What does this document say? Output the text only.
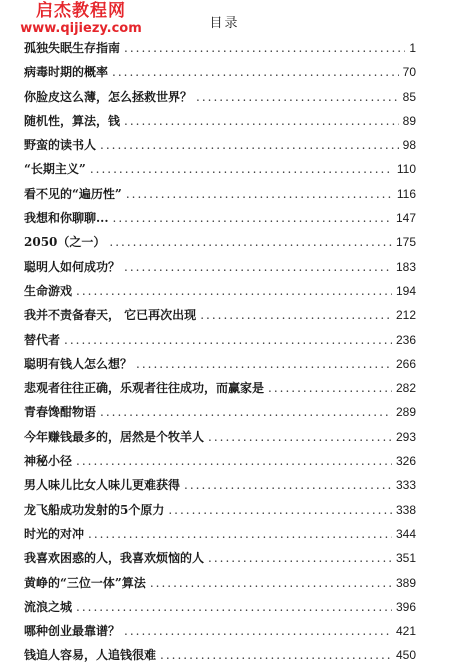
启杰教程网
www.qijiezy.com	目录
孤独失眠生存指南 .....	1
病毒时期的概率 .....	70
你脸皮这么薄，怎么拯救世界？ .....	85
随机性，算法，钱 .....	89
野蛮的读书人 .....	98
“长期主义” .....	110
看不见的“遍历性” .....	116
我想和你聊聊... .....	147
2050（之一） .....	175
聪明人如何成功？ .....	183
生命游戏 .....	194
我并不责备春天， 它已再次出现 .....	212
替代者 .....	236
聪明有钱人怎么想？ .....	266
悲观者往往正确，乐观者往往成功，而赢家是 .....	282
青春馋酣物语 .....	289
今年赚钱最多的，居然是个牧羊人 .....	293
神秘小径 .....	326
男人味儿比女人味儿更难获得 .....	333
龙飞船成功发射的5个原力 .....	338
时光的对冲 .....	344
我喜欢困惑的人，我喜欢烦恼的人 .....	351
黄峥的“三位一体”算法 .....	389
流浪之城 .....	396
哪种创业最靠谱？ .....	421
钱追人容易，人追钱很难 .....	450
